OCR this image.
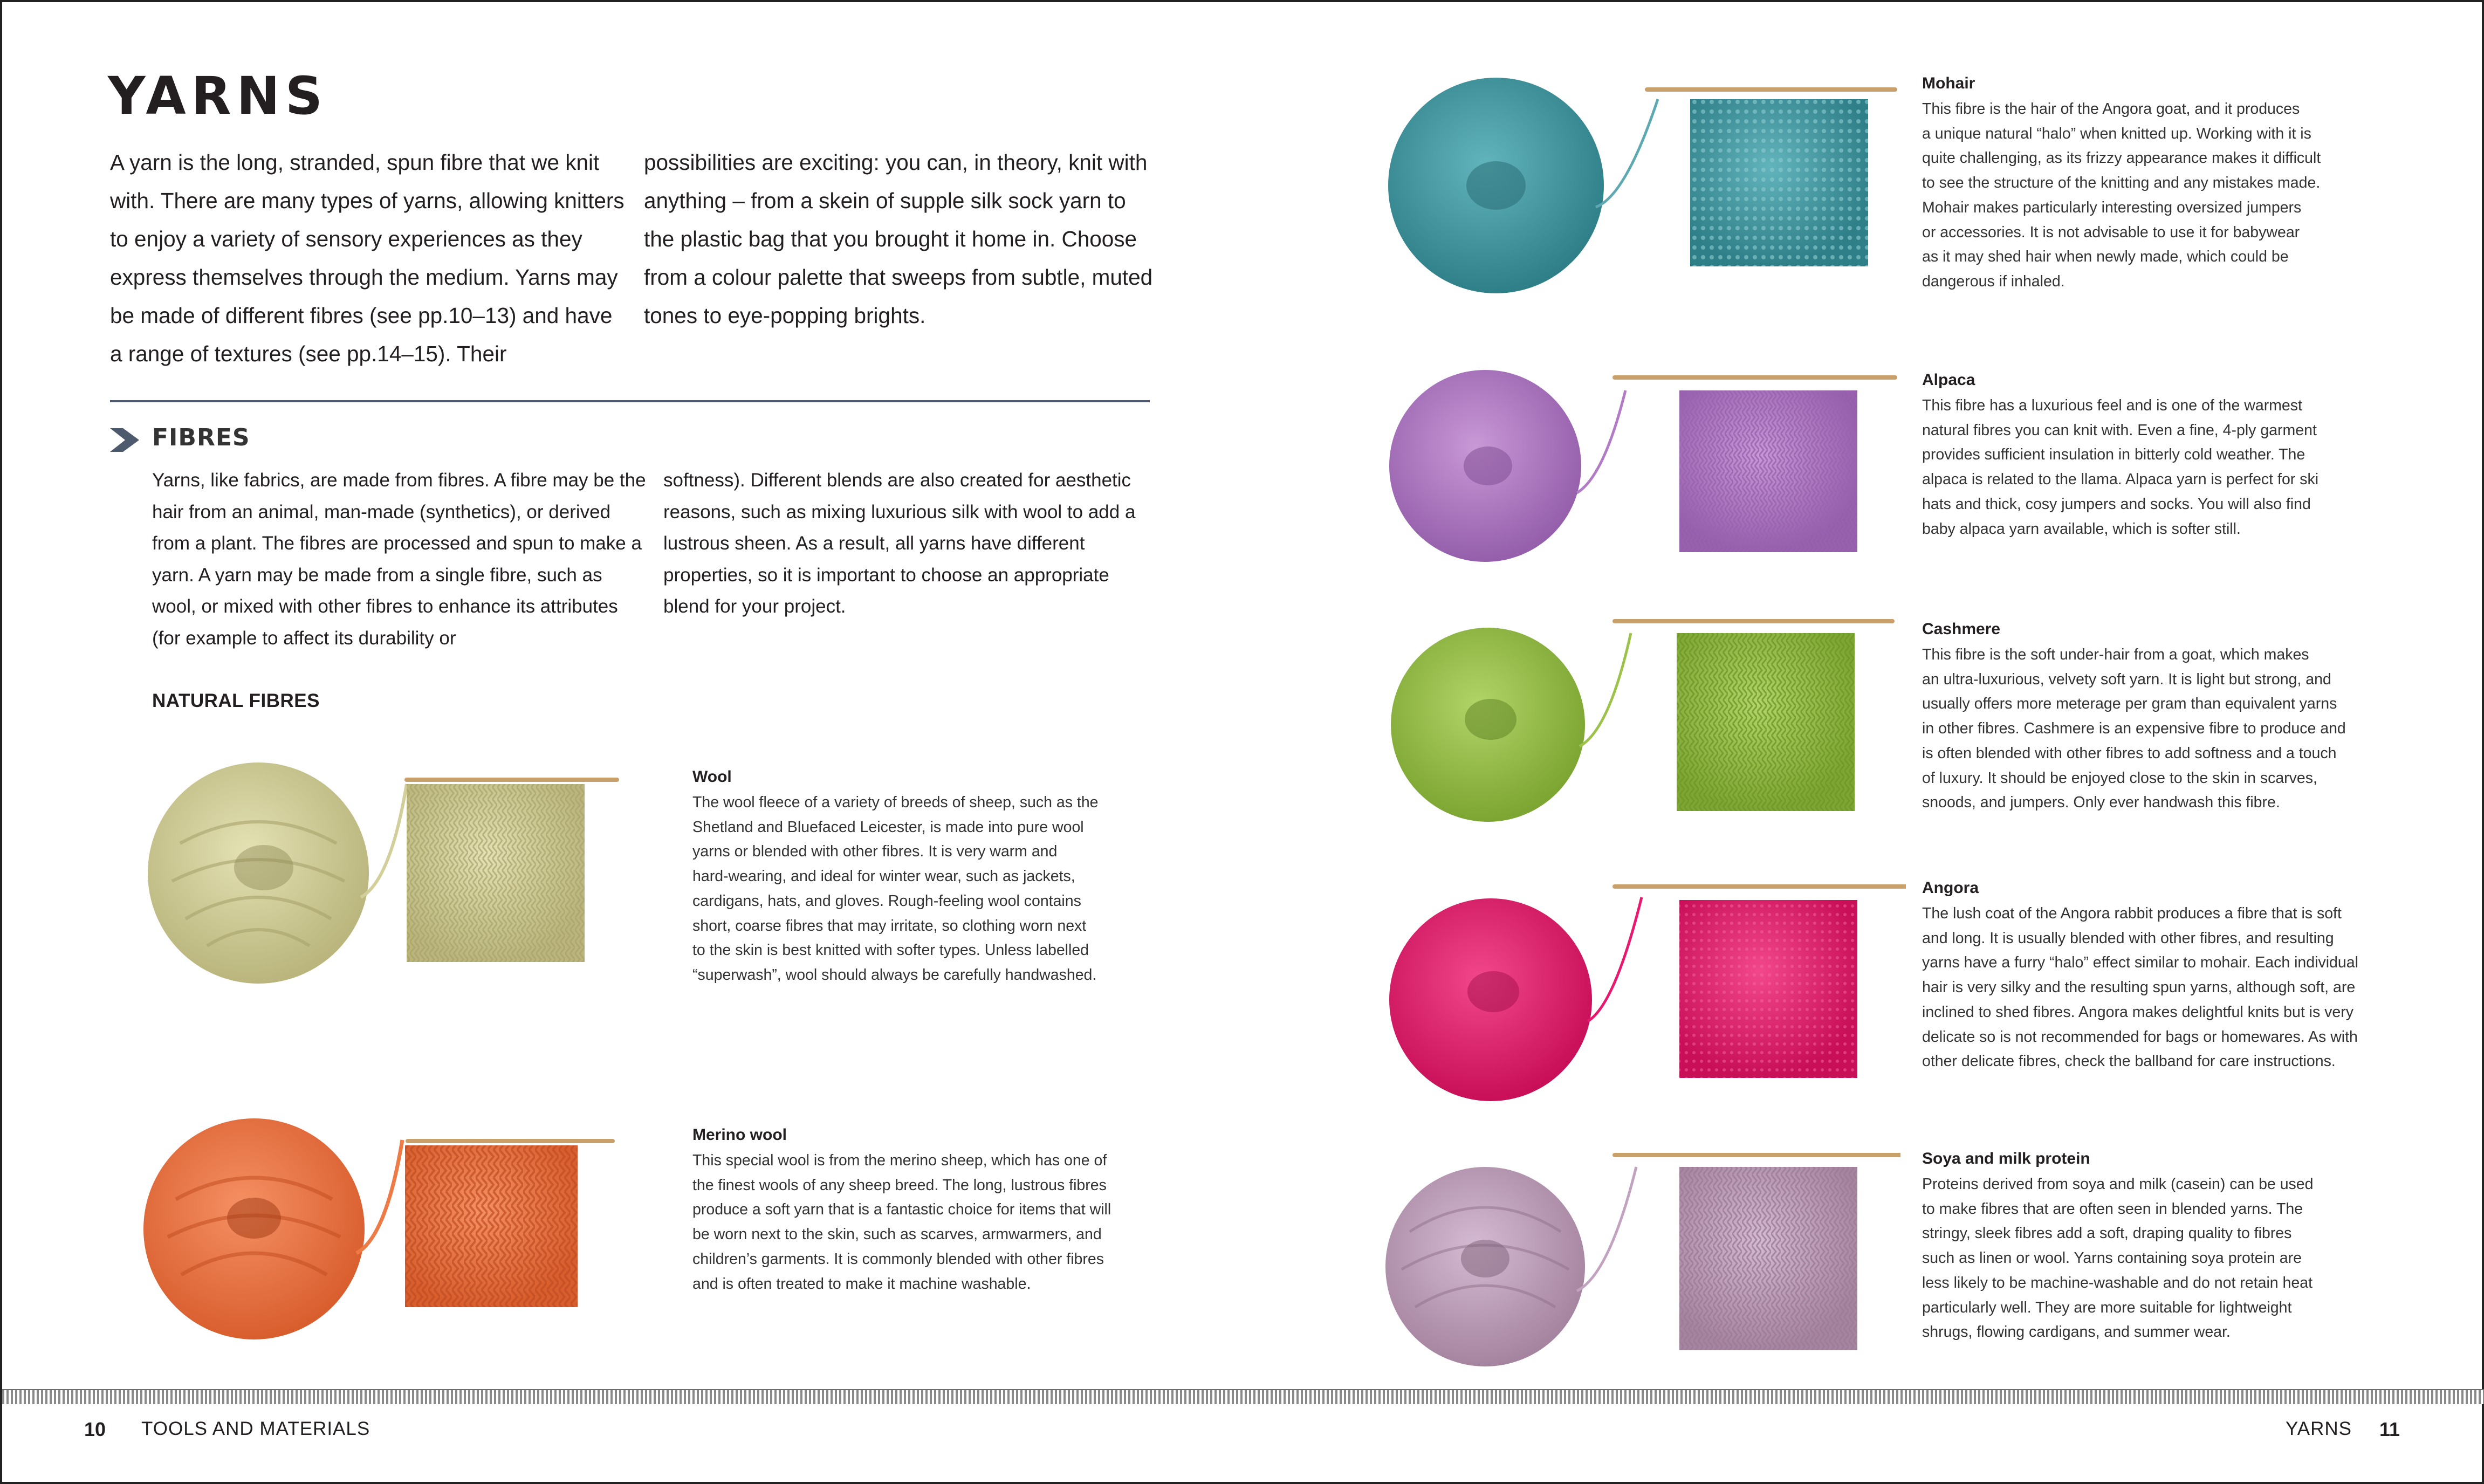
YARNS
A yarn is the long, stranded, spun fibre that we knit with. There are many types of yarns, allowing knitters to enjoy a variety of sensory experiences as they express themselves through the medium. Yarns may be made of different fibres (see pp.10–13) and have a range of textures (see pp.14–15). Their
possibilities are exciting: you can, in theory, knit with anything – from a skein of supple silk sock yarn to the plastic bag that you brought it home in. Choose from a colour palette that sweeps from subtle, muted tones to eye-popping brights.
FIBRES
Yarns, like fabrics, are made from fibres. A fibre may be the hair from an animal, man-made (synthetics), or derived from a plant. The fibres are processed and spun to make a yarn. A yarn may be made from a single fibre, such as wool, or mixed with other fibres to enhance its attributes (for example to affect its durability or
softness). Different blends are also created for aesthetic reasons, such as mixing luxurious silk with wool to add a lustrous sheen. As a result, all yarns have different properties, so it is important to choose an appropriate blend for your project.
NATURAL FIBRES
Wool
The wool fleece of a variety of breeds of sheep, such as the
Shetland and Bluefaced Leicester, is made into pure wool
yarns or blended with other fibres. It is very warm and
hard-wearing, and ideal for winter wear, such as jackets,
cardigans, hats, and gloves. Rough-feeling wool contains
short, coarse fibres that may irritate, so clothing worn next
to the skin is best knitted with softer types. Unless labelled
“superwash”, wool should always be carefully handwashed.
Merino wool
This special wool is from the merino sheep, which has one of
the finest wools of any sheep breed. The long, lustrous fibres
produce a soft yarn that is a fantastic choice for items that will
be worn next to the skin, such as scarves, armwarmers, and
children’s garments. It is commonly blended with other fibres
and is often treated to make it machine washable.
Mohair
This fibre is the hair of the Angora goat, and it produces
a unique natural “halo” when knitted up. Working with it is
quite challenging, as its frizzy appearance makes it difficult
to see the structure of the knitting and any mistakes made.
Mohair makes particularly interesting oversized jumpers
or accessories. It is not advisable to use it for babywear
as it may shed hair when newly made, which could be
dangerous if inhaled.
Alpaca
This fibre has a luxurious feel and is one of the warmest
natural fibres you can knit with. Even a fine, 4-ply garment
provides sufficient insulation in bitterly cold weather. The
alpaca is related to the llama. Alpaca yarn is perfect for ski
hats and thick, cosy jumpers and socks. You will also find
baby alpaca yarn available, which is softer still.
Cashmere
This fibre is the soft under-hair from a goat, which makes
an ultra-luxurious, velvety soft yarn. It is light but strong, and
usually offers more meterage per gram than equivalent yarns
in other fibres. Cashmere is an expensive fibre to produce and
is often blended with other fibres to add softness and a touch
of luxury. It should be enjoyed close to the skin in scarves,
snoods, and jumpers. Only ever handwash this fibre.
Angora
The lush coat of the Angora rabbit produces a fibre that is soft
and long. It is usually blended with other fibres, and resulting
yarns have a furry “halo” effect similar to mohair. Each individual
hair is very silky and the resulting spun yarns, although soft, are
inclined to shed fibres. Angora makes delightful knits but is very
delicate so is not recommended for bags or homewares. As with
other delicate fibres, check the ballband for care instructions.
Soya and milk protein
Proteins derived from soya and milk (casein) can be used
to make fibres that are often seen in blended yarns. The
stringy, sleek fibres add a soft, draping quality to fibres
such as linen or wool. Yarns containing soya protein are
less likely to be machine-washable and do not retain heat
particularly well. They are more suitable for lightweight
shrugs, flowing cardigans, and summer wear.
10 TOOLS AND MATERIALS	YARNS 11
